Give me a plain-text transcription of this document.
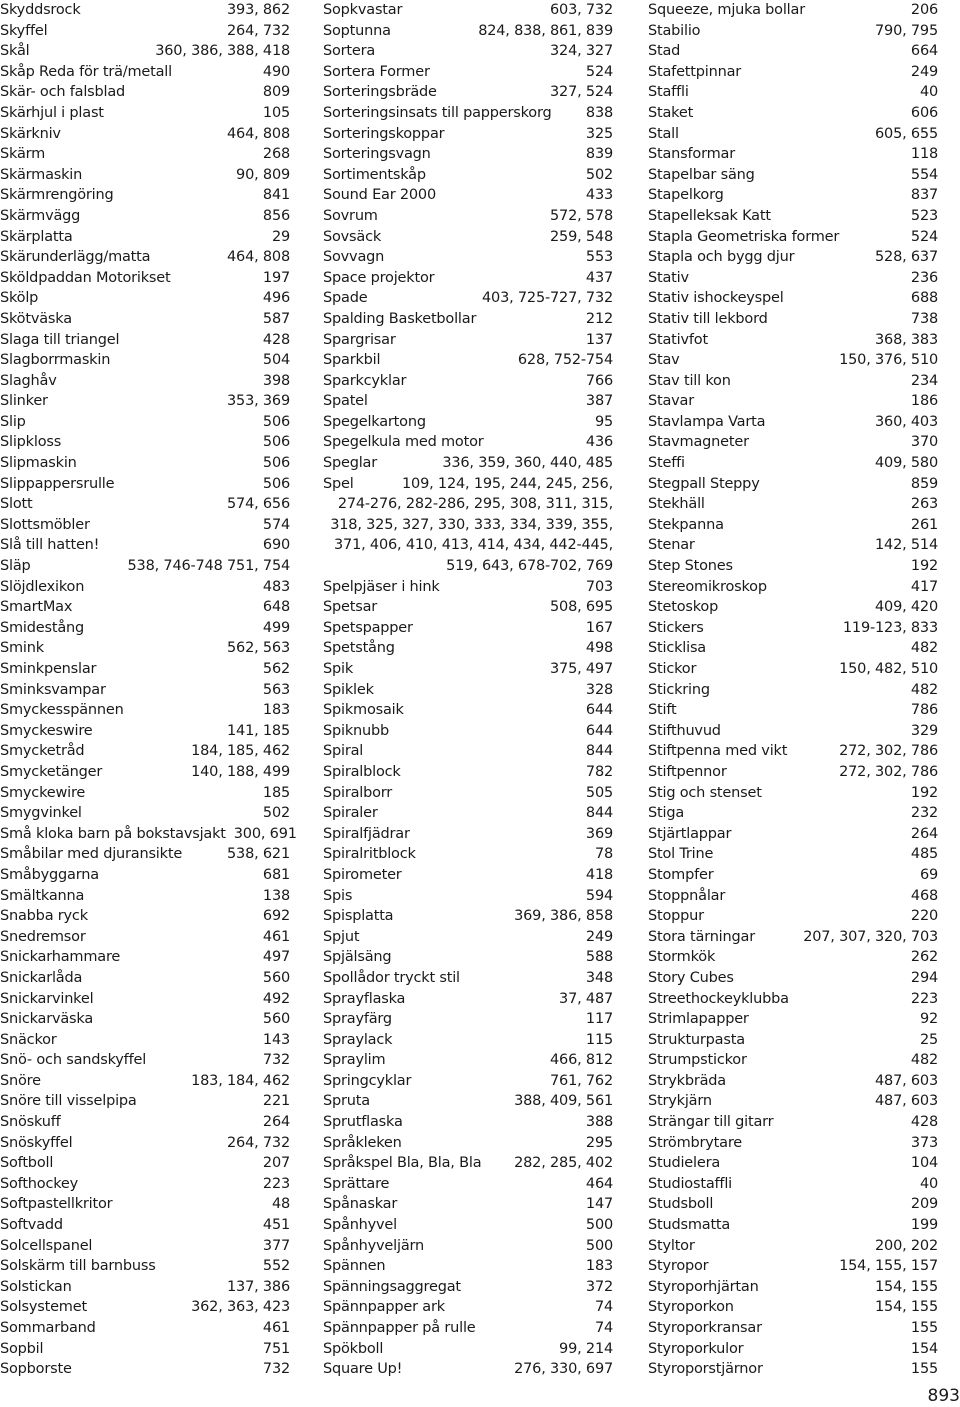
Skyddsrock	393, 862
Skyffel	264, 732
Skål	360, 386, 388, 418
Skåp Reda för trä/metall	490
Skär- och falsblad	809
Skärhjul i plast	105
Skärkniv	464, 808
Skärm	268
Skärmaskin	90, 809
Skärmrengöring	841
Skärmvägg	856
Skärplatta	29
Skärunderlägg/matta	464, 808
Sköldpaddan Motorikset	197
Skölp	496
Skötväska	587
Slaga till triangel	428
Slagborrmaskin	504
Slaghåv	398
Slinker	353, 369
Slip	506
Slipkloss	506
Slipmaskin	506
Slippappersrulle	506
Slott	574, 656
Slottsmöbler	574
Slå till hatten!	690
Släp	538, 746-748 751, 754
Slöjdlexikon	483
SmartMax	648
Smidestång	499
Smink	562, 563
Sminkpenslar	562
Sminksvampar	563
Smyckesspännen	183
Smyckeswire	141, 185
Smycketråd	184, 185, 462
Smycketänger	140, 188, 499
Smyckewire	185
Smygvinkel	502
Små kloka barn på bokstavsjakt 300, 691
Småbilar med djuransikte	538, 621
Småbyggarna	681
Smältkanna	138
Snabba ryck	692
Snedremsor	461
Snickarhammare	497
Snickarlåda	560
Snickarvinkel	492
Snickarväska	560
Snäckor	143
Snö- och sandskyffel	732
Snöre	183, 184, 462
Snöre till visselpipa	221
Snöskuff	264
Snöskyffel	264, 732
Softboll	207
Softhockey	223
Softpastellkritor	48
Softvadd	451
Solcellspanel	377
Solskärm till barnbuss	552
Solstickan	137, 386
Solsystemet	362, 363, 423
Sommarband	461
Sopbil	751
Sopborste	732
Sopkvastar	603, 732
Soptunna	824, 838, 861, 839
Sortera	324, 327
Sortera Former	524
Sorteringsbräde	327, 524
Sorteringsinsats till papperskorg	838
Sorteringskoppar	325
Sorteringsvagn	839
Sortimentskåp	502
Sound Ear 2000	433
Sovrum	572, 578
Sovsäck	259, 548
Sovvagn	553
Space projektor	437
Spade	403, 725-727, 732
Spalding Basketbollar	212
Spargrisar	137
Sparkbil	628, 752-754
Sparkcyklar	766
Spatel	387
Spegelkartong	95
Spegelkula med motor	436
Speglar	336, 359, 360, 440, 485
Spel	109, 124, 195, 244, 245, 256,
274-276, 282-286, 295, 308, 311, 315,
318, 325, 327, 330, 333, 334, 339, 355,
371, 406, 410, 413, 414, 434, 442-445,
519, 643, 678-702, 769
Spelpjäser i hink	703
Spetsar	508, 695
Spetspapper	167
Spetstång	498
Spik	375, 497
Spiklek	328
Spikmosaik	644
Spiknubb	644
Spiral	844
Spiralblock	782
Spiralborr	505
Spiraler	844
Spiralfjädrar	369
Spiralritblock	78
Spirometer	418
Spis	594
Spisplatta	369, 386, 858
Spjut	249
Spjälsäng	588
Spollådor tryckt stil	348
Sprayflaska	37, 487
Sprayfärg	117
Spraylack	115
Spraylim	466, 812
Springcyklar	761, 762
Spruta	388, 409, 561
Sprutflaska	388
Språkleken	295
Språkspel Bla, Bla, Bla	282, 285, 402
Sprättare	464
Spånaskar	147
Spånhyvel	500
Spånhyveljärn	500
Spännen	183
Spänningsaggregat	372
Spännpapper ark	74
Spännpapper på rulle	74
Spökboll	99, 214
Square Up!	276, 330, 697
Squeeze, mjuka bollar	206
Stabilio	790, 795
Stad	664
Stafettpinnar	249
Staffli	40
Staket	606
Stall	605, 655
Stansformar	118
Stapelbar säng	554
Stapelkorg	837
Stapelleksak Katt	523
Stapla Geometriska former	524
Stapla och bygg djur	528, 637
Stativ	236
Stativ ishockeyspel	688
Stativ till lekbord	738
Stativfot	368, 383
Stav	150, 376, 510
Stav till kon	234
Stavar	186
Stavlampa Varta	360, 403
Stavmagneter	370
Steffi	409, 580
Stegpall Steppy	859
Stekhäll	263
Stekpanna	261
Stenar	142, 514
Step Stones	192
Stereomikroskop	417
Stetoskop	409, 420
Stickers	119-123, 833
Sticklisa	482
Stickor	150, 482, 510
Stickring	482
Stift	786
Stifthuvud	329
Stiftpenna med vikt	272, 302, 786
Stiftpennor	272, 302, 786
Stig och stenset	192
Stiga	232
Stjärtlappar	264
Stol Trine	485
Stompfer	69
Stoppnålar	468
Stoppur	220
Stora tärningar	207, 307, 320, 703
Stormkök	262
Story Cubes	294
Streethockeyklubba	223
Strimlapapper	92
Strukturpasta	25
Strumpstickor	482
Strykbräda	487, 603
Strykjärn	487, 603
Strängar till gitarr	428
Strömbrytare	373
Studielera	104
Studiostaffli	40
Studsboll	209
Studsmatta	199
Styltor	200, 202
Styropor	154, 155, 157
Styroporhjärtan	154, 155
Styroporkon	154, 155
Styroporkransar	155
Styroporkulor	154
Styroporstjärnor	155
893
